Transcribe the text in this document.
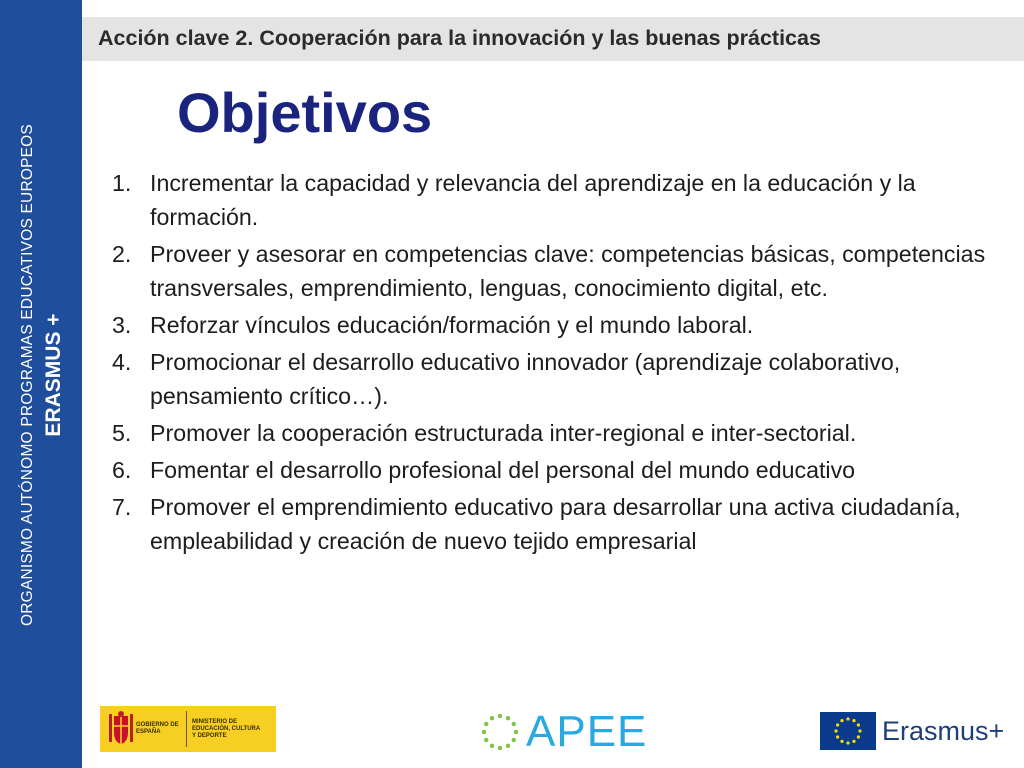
ORGANISMO AUTÓNOMO PROGRAMAS EDUCATIVOS EUROPEOS ERASMUS +
Acción clave 2. Cooperación para la innovación y las buenas prácticas
Objetivos
1. Incrementar la capacidad y relevancia del aprendizaje en la educación y la formación.
2. Proveer y asesorar en competencias clave: competencias básicas, competencias transversales, emprendimiento, lenguas, conocimiento digital, etc.
3. Reforzar vínculos educación/formación y el mundo laboral.
4. Promocionar el desarrollo educativo innovador (aprendizaje colaborativo, pensamiento crítico…).
5. Promover la cooperación estructurada inter-regional e inter-sectorial.
6. Fomentar el desarrollo profesional del personal del mundo educativo
7. Promover el emprendimiento educativo para desarrollar una activa ciudadanía, empleabilidad y creación de nuevo tejido empresarial
GOBIERNO DE ESPAÑA
MINISTERIO DE EDUCACIÓN, CULTURA Y DEPORTE	APEE	Erasmus+
